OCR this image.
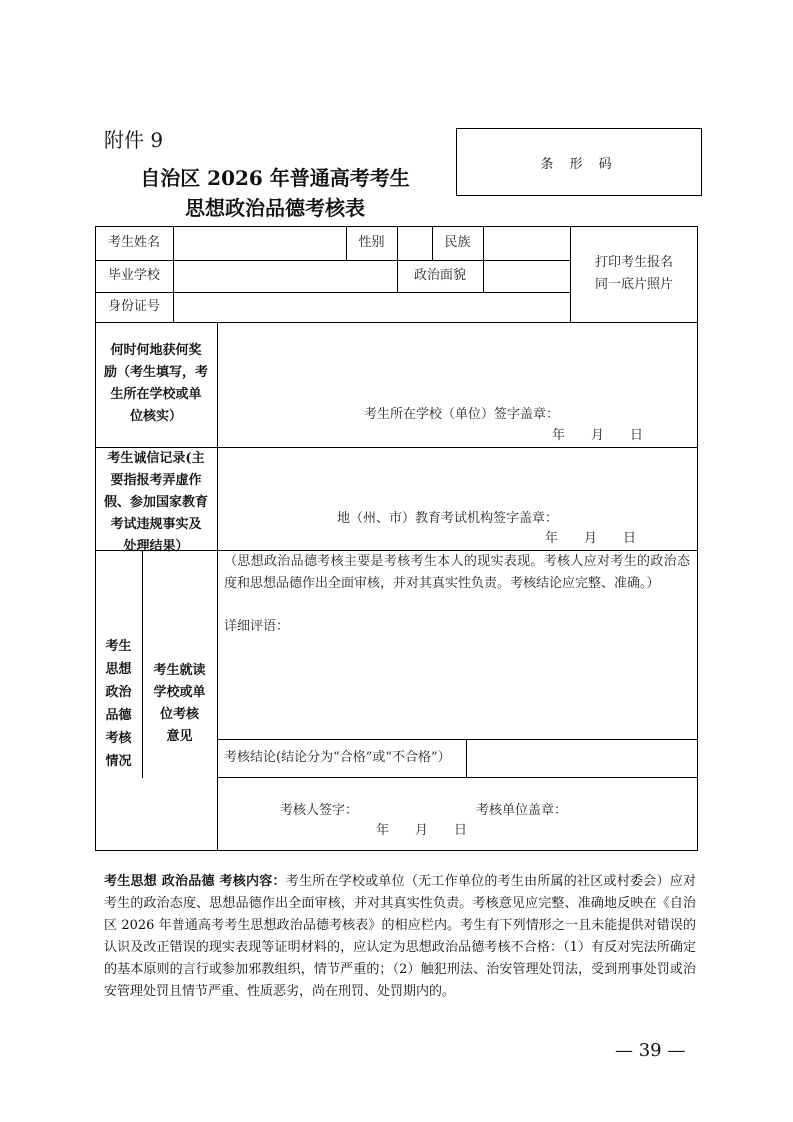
附件 9
自治区 2026 年普通高考考生
思想政治品德考核表
条 形 码
考生姓名	性别	民族
毕业学校	政治面貌
身份证号
打印考生报名
同一底片照片
何时何地获何奖
励（考生填写，考
生所在学校或单
位核实）	考生所在学校（单位）签字盖章：
年　　月　　日
考生诚信记录(主
要指报考弄虚作
假、参加国家教育
考试违规事实及
处理结果）
地（州、市）教育考试机构签字盖章：
年　　月　　日
考生
思想
政治
品德
考核
情况
考生就读
学校或单
位考核
意见
（思想政治品德考核主要是考核考生本人的现实表现。考核人应对考生的政治态度和思想品德作出全面审核，并对其真实性负责。考核结论应完整、准确。）
详细评语：
考核结论(结论分为“合格”或“不合格”）
考核人签字：	考核单位盖章：
年　　月　　日
考生思想 政治品德 考核内容：考生所在学校或单位（无工作单位的考生由所属的社区或村委会）应对考生的政治态度、思想品德作出全面审核，并对其真实性负责。考核意见应完整、准确地反映在《自治区 2026 年普通高考考生思想政治品德考核表》的相应栏内。考生有下列情形之一且未能提供对错误的认识及改正错误的现实表现等证明材料的，应认定为思想政治品德考核不合格：（1）有反对宪法所确定的基本原则的言行或参加邪教组织，情节严重的；（2）触犯刑法、治安管理处罚法，受到刑事处罚或治安管理处罚且情节严重、性质恶劣，尚在刑罚、处罚期内的。
— 39 —
